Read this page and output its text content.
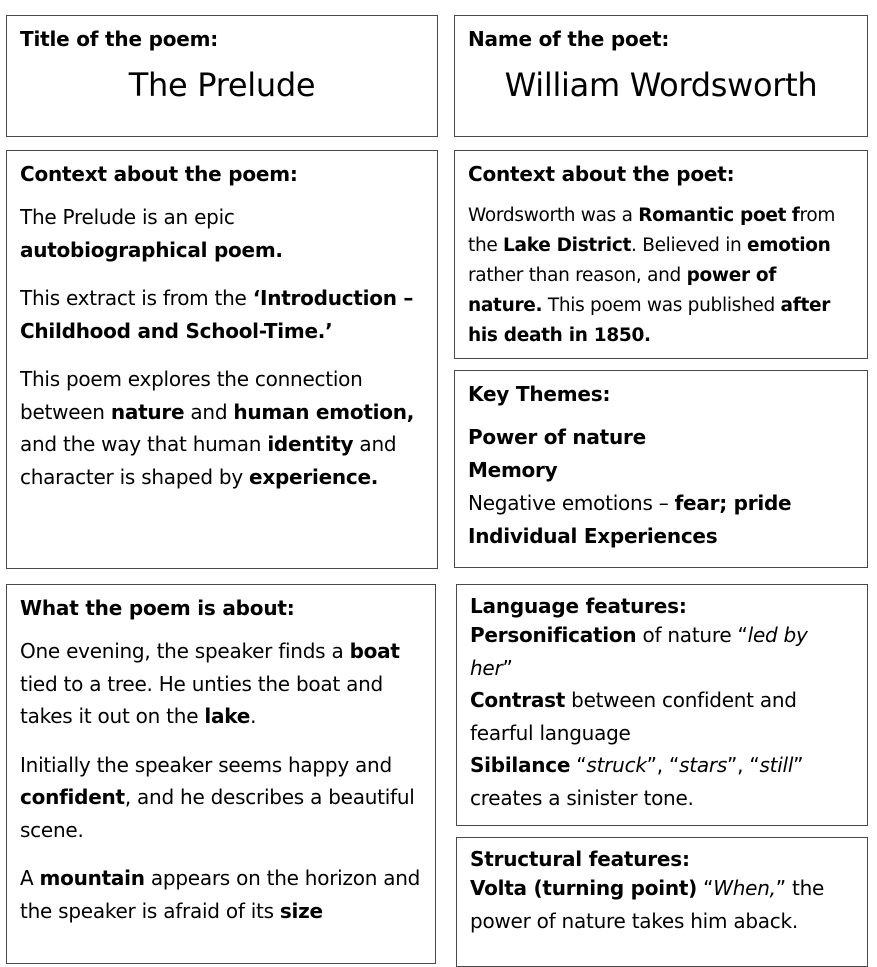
Title of the poem:
The Prelude
Name of the poet:
William Wordsworth
Context about the poem:

The Prelude is an epic autobiographical poem.

This extract is from the ‘Introduction – Childhood and School-Time.’

This poem explores the connection between nature and human emotion, and the way that human identity and character is shaped by experience.

Context about the poet:

Wordsworth was a Romantic poet from the Lake District. Believed in emotion rather than reason, and power of nature. This poem was published after his death in 1850.

Key Themes:

Power of nature
Memory
Negative emotions – fear; pride
Individual Experiences

What the poem is about:

One evening, the speaker finds a boat tied to a tree. He unties the boat and takes it out on the lake.

Initially the speaker seems happy and confident, and he describes a beautiful scene.

A mountain appears on the horizon and the speaker is afraid of its size

Language features:

Personification of nature “led by her”

Contrast between confident and fearful language

Sibilance “struck”, “stars”, “still” creates a sinister tone.

Structural features:

Volta (turning point) “When,” the power of nature takes him aback.
